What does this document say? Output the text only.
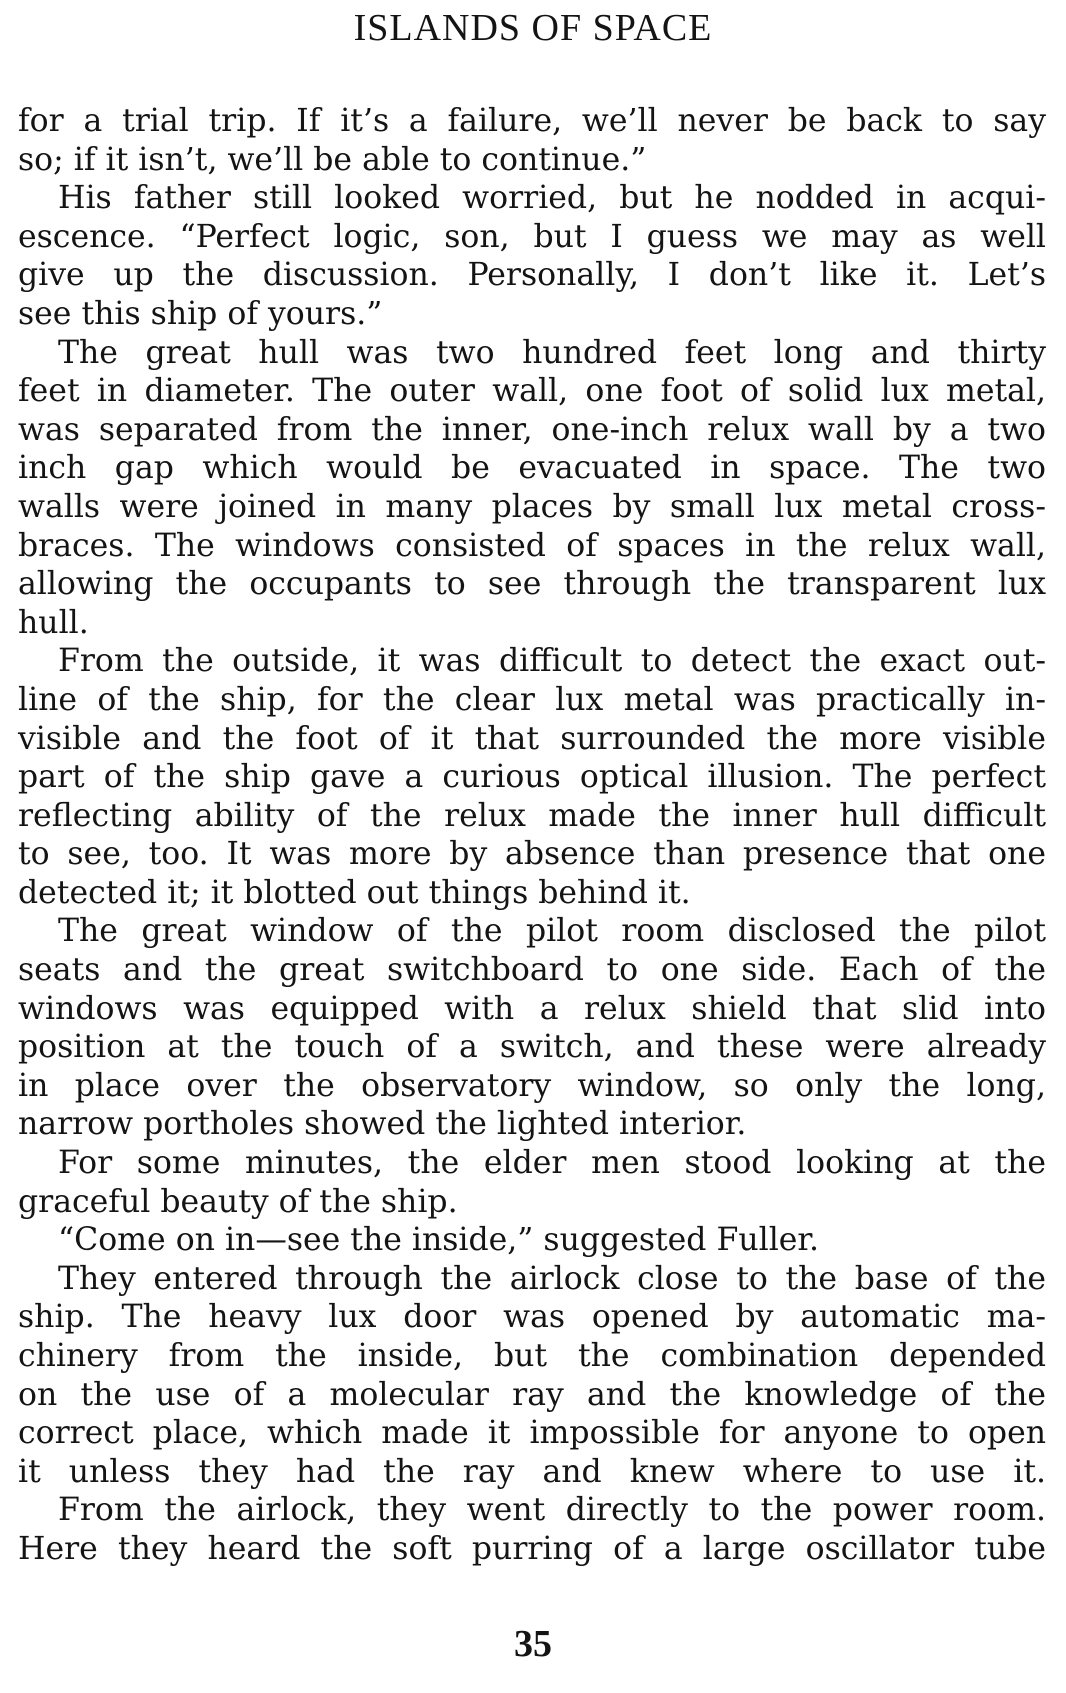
ISLANDS OF SPACE
for a trial trip. If it’s a failure, we’ll never be back to say
so; if it isn’t, we’ll be able to continue.”
His father still looked worried, but he nodded in acqui-
escence. “Perfect logic, son, but I guess we may as well
give up the discussion. Personally, I don’t like it. Let’s
see this ship of yours.”
The great hull was two hundred feet long and thirty
feet in diameter. The outer wall, one foot of solid lux metal,
was separated from the inner, one-inch relux wall by a two
inch gap which would be evacuated in space. The two
walls were joined in many places by small lux metal cross-
braces. The windows consisted of spaces in the relux wall,
allowing the occupants to see through the transparent lux
hull.
From the outside, it was difficult to detect the exact out-
line of the ship, for the clear lux metal was practically in-
visible and the foot of it that surrounded the more visible
part of the ship gave a curious optical illusion. The perfect
reflecting ability of the relux made the inner hull difficult
to see, too. It was more by absence than presence that one
detected it; it blotted out things behind it.
The great window of the pilot room disclosed the pilot
seats and the great switchboard to one side. Each of the
windows was equipped with a relux shield that slid into
position at the touch of a switch, and these were already
in place over the observatory window, so only the long,
narrow portholes showed the lighted interior.
For some minutes, the elder men stood looking at the
graceful beauty of the ship.
“Come on in—see the inside,” suggested Fuller.
They entered through the airlock close to the base of the
ship. The heavy lux door was opened by automatic ma-
chinery from the inside, but the combination depended
on the use of a molecular ray and the knowledge of the
correct place, which made it impossible for anyone to open
it unless they had the ray and knew where to use it.
From the airlock, they went directly to the power room.
Here they heard the soft purring of a large oscillator tube
35
